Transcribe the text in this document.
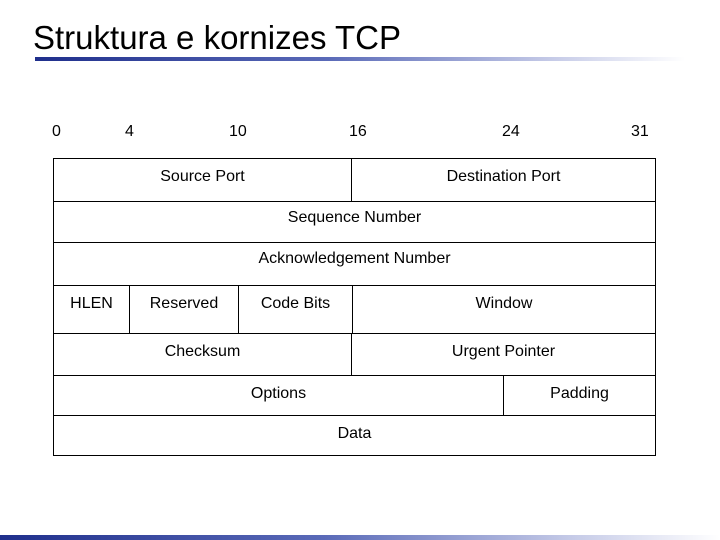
Struktura e kornizes TCP
0	4	10	16	24	31
Source Port	Destination Port
Sequence Number
Acknowledgement Number
HLEN	Reserved	Code Bits	Window
Checksum	Urgent Pointer
Options	Padding
Data
